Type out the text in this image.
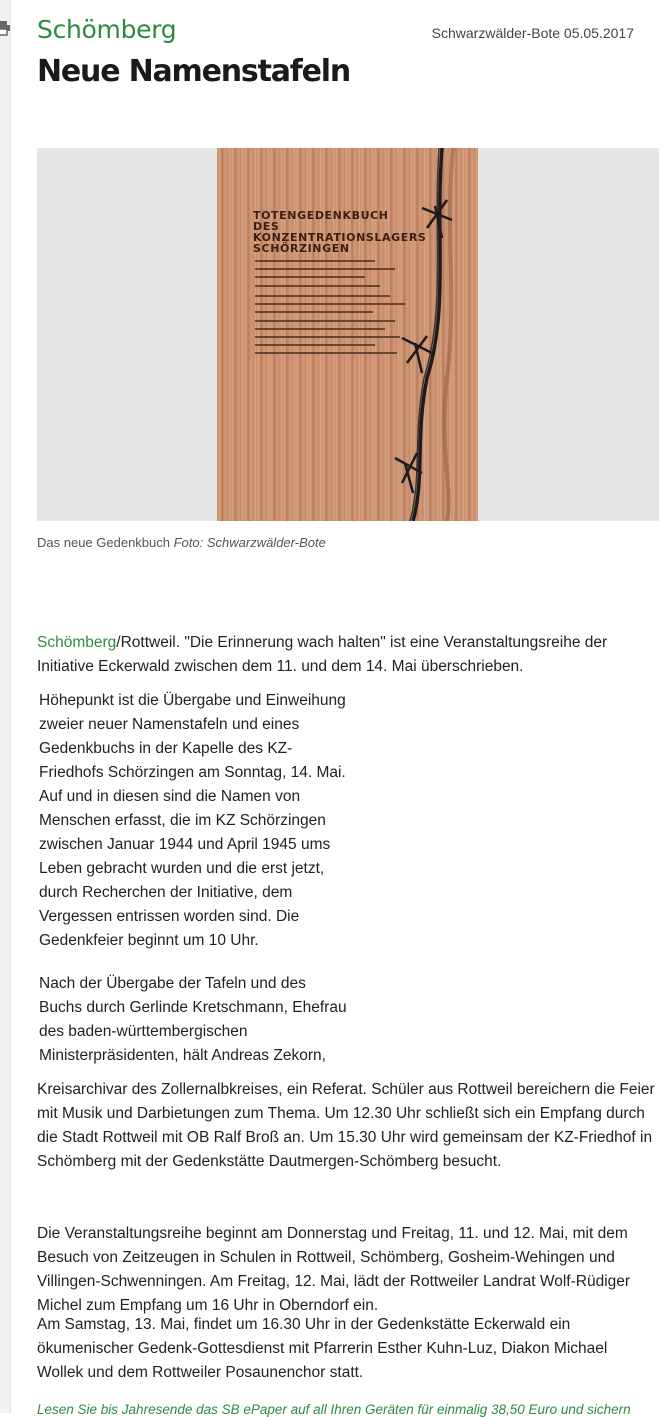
Schömberg	Schwarzwälder-Bote 05.05.2017
Neue Namenstafeln
TOTENGEDENKBUCH DES KONZENTRATIONSLAGERS SCHÖRZINGEN
Das neue Gedenkbuch Foto: Schwarzwälder-Bote

Schömberg/Rottweil. "Die Erinnerung wach halten" ist eine Veranstaltungsreihe der Initiative Eckerwald zwischen dem 11. und dem 14. Mai überschrieben.

Höhepunkt ist die Übergabe und Einweihung zweier neuer Namenstafeln und eines Gedenkbuchs in der Kapelle des KZ-Friedhofs Schörzingen am Sonntag, 14. Mai. Auf und in diesen sind die Namen von Menschen erfasst, die im KZ Schörzingen zwischen Januar 1944 und April 1945 ums Leben gebracht wurden und die erst jetzt, durch Recherchen der Initiative, dem Vergessen entrissen worden sind. Die Gedenkfeier beginnt um 10 Uhr.

Nach der Übergabe der Tafeln und des Buchs durch Gerlinde Kretschmann, Ehefrau des baden-württembergischen Ministerpräsidenten, hält Andreas Zekorn,

Kreisarchivar des Zollernalbkreises, ein Referat. Schüler aus Rottweil bereichern die Feier mit Musik und Darbietungen zum Thema. Um 12.30 Uhr schließt sich ein Empfang durch die Stadt Rottweil mit OB Ralf Broß an. Um 15.30 Uhr wird gemeinsam der KZ-Friedhof in Schömberg mit der Gedenkstätte Dautmergen-Schömberg besucht.

Die Veranstaltungsreihe beginnt am Donnerstag und Freitag, 11. und 12. Mai, mit dem Besuch von Zeitzeugen in Schulen in Rottweil, Schömberg, Gosheim-Wehingen und Villingen-Schwenningen. Am Freitag, 12. Mai, lädt der Rottweiler Landrat Wolf-Rüdiger Michel zum Empfang um 16 Uhr in Oberndorf ein.

Am Samstag, 13. Mai, findet um 16.30 Uhr in der Gedenkstätte Eckerwald ein ökumenischer Gedenk-Gottesdienst mit Pfarrerin Esther Kuhn-Luz, Diakon Michael Wollek und dem Rottweiler Posaunenchor statt.

Lesen Sie bis Jahresende das SB ePaper auf all Ihren Geräten für einmalig 38,50 Euro und sichern
